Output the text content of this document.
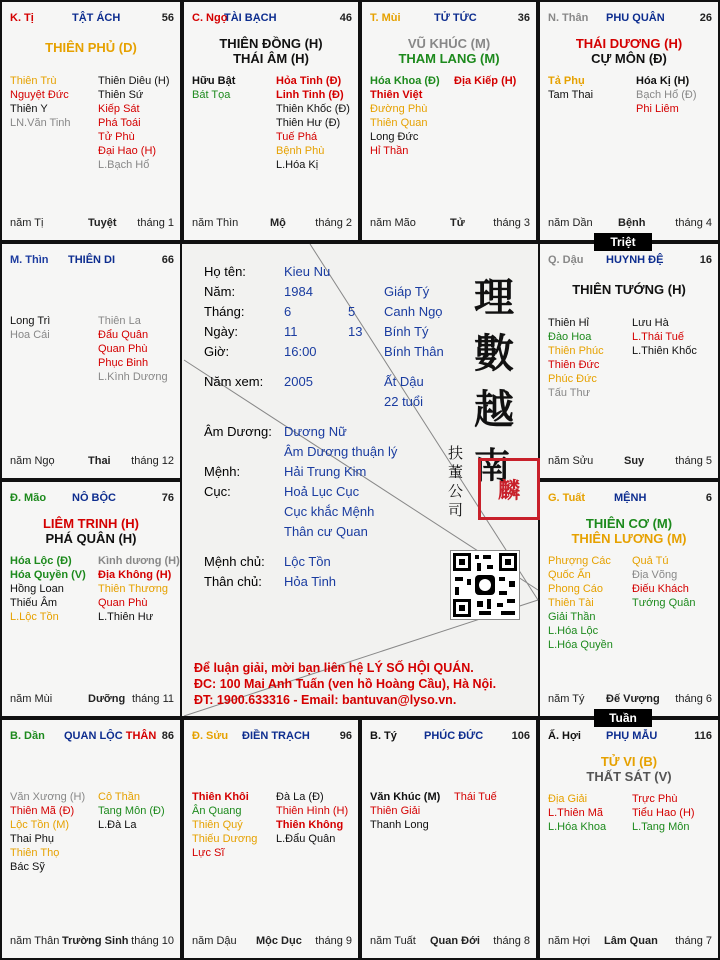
M. Thìn THIÊN DI	66
Long Trì
Hoa Cái
Thiên La
Đẩu Quân
Quan Phù
Phục Binh
L.Kình Dương
năm Ngọ	Thai tháng 12
Đ. Mão NÔ BỘC	76
LIÊM TRINH (H)
PHÁ QUÂN (H)
Hóa Lộc (Đ)
Hóa Quyền (V)
Hồng Loan
Thiếu Âm
L.Lộc Tồn
Kình dương (H)
Địa Không (H)
Thiên Thương
Quan Phù
L.Thiên Hư
năm Mùi	Dưỡng tháng 11
B. Dần QUAN LỘC THÂN 86
Văn Xương (H)
Thiên Mã (Đ)
Lộc Tồn (M)
Thai Phụ
Thiên Thọ
Bác Sỹ
Cô Thần
Tang Môn (Đ)
L.Đà La
năm Thân Trường Sinh tháng 10
Đ. Sửu ĐIỀN TRẠCH	96
Thiên Khôi
Ân Quang
Thiên Quý
Thiếu Dương
Lực Sĩ
Đà La (Đ)
Thiên Hình (H)
Thiên Không
L.Đẩu Quân
năm Dậu Mộc Dục tháng 9
B. Tý PHÚC ĐỨC	106
Văn Khúc (M)
Thiên Giải
Thanh Long
Thái Tuế
năm Tuất Quan Đới tháng 8
Ấ. Hợi PHỤ MẪU	116
TỬ VI (B)
THẤT SÁT (V)
Địa Giải
L.Thiên Mã
L.Hóa Khoa
Trực Phù
Tiểu Hao (H)
L.Tang Môn
năm Hợi Lâm Quan tháng 7
G. Tuất	MỆNH	6
THIÊN CƠ (M)
THIÊN LƯƠNG (M)
Phượng Các
Quốc Ấn
Phong Cáo
Thiên Tài
Giải Thần
L.Hóa Lộc
L.Hóa Quyền
Quả Tú
Địa Võng
Điếu Khách
Tướng Quân
năm Tý Đế Vượng tháng 6
Q. Dậu HUYNH ĐỆ	16
THIÊN TƯỚNG (H)
Thiên Hỉ
Đào Hoa
Thiên Phúc
Thiên Đức
Phúc Đức
Tấu Thư
Lưu Hà
L.Thái Tuế
L.Thiên Khốc
năm Sửu	Suy	tháng 5
N. Thân PHU QUÂN	26
THÁI DƯƠNG (H)
CỰ MÔN (Đ)
Tả Phụ
Tam Thai
Hóa Kị (H)
Bạch Hổ (Đ)
Phi Liêm
năm Dần Bệnh	tháng 4
T. Mùi	TỬ TỨC	36
VŨ KHÚC (M)
THAM LANG (M)
Hóa Khoa (Đ)
Thiên Việt
Đường Phù
Thiên Quan
Long Đức
Hỉ Thần
Địa Kiếp (H)
năm Mão	Tử	tháng 3
C. Ngọ
TÀI BẠCH	46
THIÊN ĐỒNG (H)
THÁI ÂM (H)
Hữu Bật
Bát Tọa
Hỏa Tinh (Đ)
Linh Tinh (Đ)
Thiên Khốc (Đ)
Thiên Hư (Đ)
Tuế Phá
Bệnh Phù
L.Hóa Kị
năm Thìn	Mộ	tháng 2
K. Tị	TẬT ÁCH	56
THIÊN PHỦ (D)
Thiên Trù
Nguyệt Đức
Thiên Y
LN.Văn Tinh
Thiên Diêu (H)
Thiên Sứ
Kiếp Sát
Phá Toái
Tử Phù
Đại Hao (H)
L.Bạch Hổ
năm Tị	Tuyệt tháng 1
Họ tên:	Kieu Nu
Năm:	1984	Giáp Tý
Tháng:	6	5 Canh Ngọ
Ngày:	11	13 Bính Tý
Giờ:	16:00	Bính Thân
Năm xem: 2005	Ất Dậu
22 tuổi
Âm Dương: Dương Nữ
Âm Dương thuận lý
Mệnh:	Hải Trung Kim
Cục:	Hoả Lục Cục
Cục khắc Mệnh
Thân cư Quan
Mệnh chủ: Lộc Tồn
Thân chủ: Hỏa Tinh
理
數
越
南
扶
董
公
司
麟
Để luận giải, mời bạn liên hệ LÝ SỐ HỘI QUÁN.
ĐC: 100 Mai Anh Tuấn (ven hồ Hoàng Cầu), Hà Nội.
ĐT: 1900.633316 - Email: bantuvan@lyso.vn.
Triệt
Tuần
